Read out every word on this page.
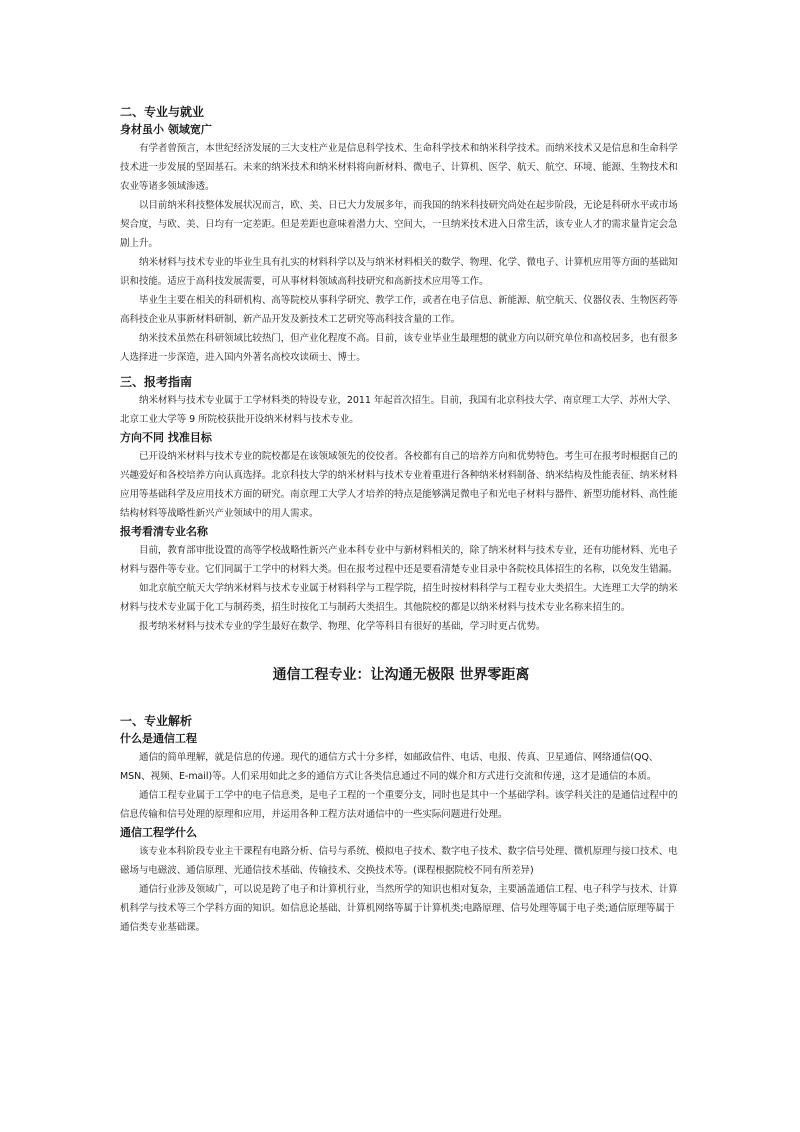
二、专业与就业
身材虽小 领域宽广

有学者曾预言，本世纪经济发展的三大支柱产业是信息科学技术、生命科学技术和纳米科学技术。而纳米技术又是信息和生命科学技术进一步发展的坚固基石。未来的纳米技术和纳米材料将向新材料、微电子、计算机、医学、航天、航空、环境、能源、生物技术和农业等诸多领域渗透。

以目前纳米科技整体发展状况而言，欧、美、日已大力发展多年，而我国的纳米科技研究尚处在起步阶段，无论是科研水平或市场契合度，与欧、美、日均有一定差距。但是差距也意味着潜力大、空间大，一旦纳米技术进入日常生活，该专业人才的需求量肯定会急剧上升。

纳米材料与技术专业的毕业生具有扎实的材料科学以及与纳米材料相关的数学、物理、化学、微电子、计算机应用等方面的基础知识和技能。适应于高科技发展需要，可从事材料领域高科技研究和高新技术应用等工作。

毕业生主要在相关的科研机构、高等院校从事科学研究、教学工作，或者在电子信息、新能源、航空航天、仪器仪表、生物医药等高科技企业从事新材料研制、新产品开发及新技术工艺研究等高科技含量的工作。

纳米技术虽然在科研领域比较热门，但产业化程度不高。目前，该专业毕业生最理想的就业方向以研究单位和高校居多，也有很多人选择进一步深造，进入国内外著名高校攻读硕士、博士。

三、报考指南

纳米材料与技术专业属于工学材料类的特设专业，2011 年起首次招生。目前，我国有北京科技大学、南京理工大学、苏州大学、北京工业大学等 9 所院校获批开设纳米材料与技术专业。

方向不同 找准目标

已开设纳米材料与技术专业的院校都是在该领域领先的佼佼者。各校都有自己的培养方向和优势特色。考生可在报考时根据自己的兴趣爱好和各校培养方向认真选择。北京科技大学的纳米材料与技术专业着重进行各种纳米材料制备、纳米结构及性能表征、纳米材料应用等基础科学及应用技术方面的研究。南京理工大学人才培养的特点是能够满足微电子和光电子材料与器件、新型功能材料、高性能结构材料等战略性新兴产业领域中的用人需求。

报考看清专业名称

目前，教育部审批设置的高等学校战略性新兴产业本科专业中与新材料相关的，除了纳米材料与技术专业，还有功能材料、光电子材料与器件等专业。它们同属于工学中的材料大类。但在报考过程中还是要看清楚专业目录中各院校具体招生的名称，以免发生错漏。

如北京航空航天大学纳米材料与技术专业属于材料科学与工程学院，招生时按材料科学与工程专业大类招生。大连理工大学的纳米材料与技术专业属于化工与制药类，招生时按化工与制药大类招生。其他院校的都是以纳米材料与技术专业名称来招生的。

报考纳米材料与技术专业的学生最好在数学、物理、化学等科目有很好的基础，学习时更占优势。

通信工程专业：让沟通无极限 世界零距离
一、专业解析
什么是通信工程

通信的简单理解，就是信息的传递。现代的通信方式十分多样，如邮政信件、电话、电报、传真、卫星通信、网络通信(QQ、MSN、视频、E-mail)等。人们采用如此之多的通信方式让各类信息通过不同的媒介和方式进行交流和传递，这才是通信的本质。

通信工程专业属于工学中的电子信息类，是电子工程的一个重要分支，同时也是其中一个基础学科。该学科关注的是通信过程中的信息传输和信号处理的原理和应用，并运用各种工程方法对通信中的一些实际问题进行处理。

通信工程学什么

该专业本科阶段专业主干课程有电路分析、信号与系统、模拟电子技术、数字电子技术、数字信号处理、微机原理与接口技术、电磁场与电磁波、通信原理、光通信技术基础、传输技术、交换技术等。(课程根据院校不同有所差异)

通信行业涉及领域广，可以说是跨了电子和计算机行业，当然所学的知识也相对复杂，主要涵盖通信工程、电子科学与技术、计算机科学与技术等三个学科方面的知识。如信息论基础、计算机网络等属于计算机类;电路原理、信号处理等属于电子类;通信原理等属于通信类专业基础课。
